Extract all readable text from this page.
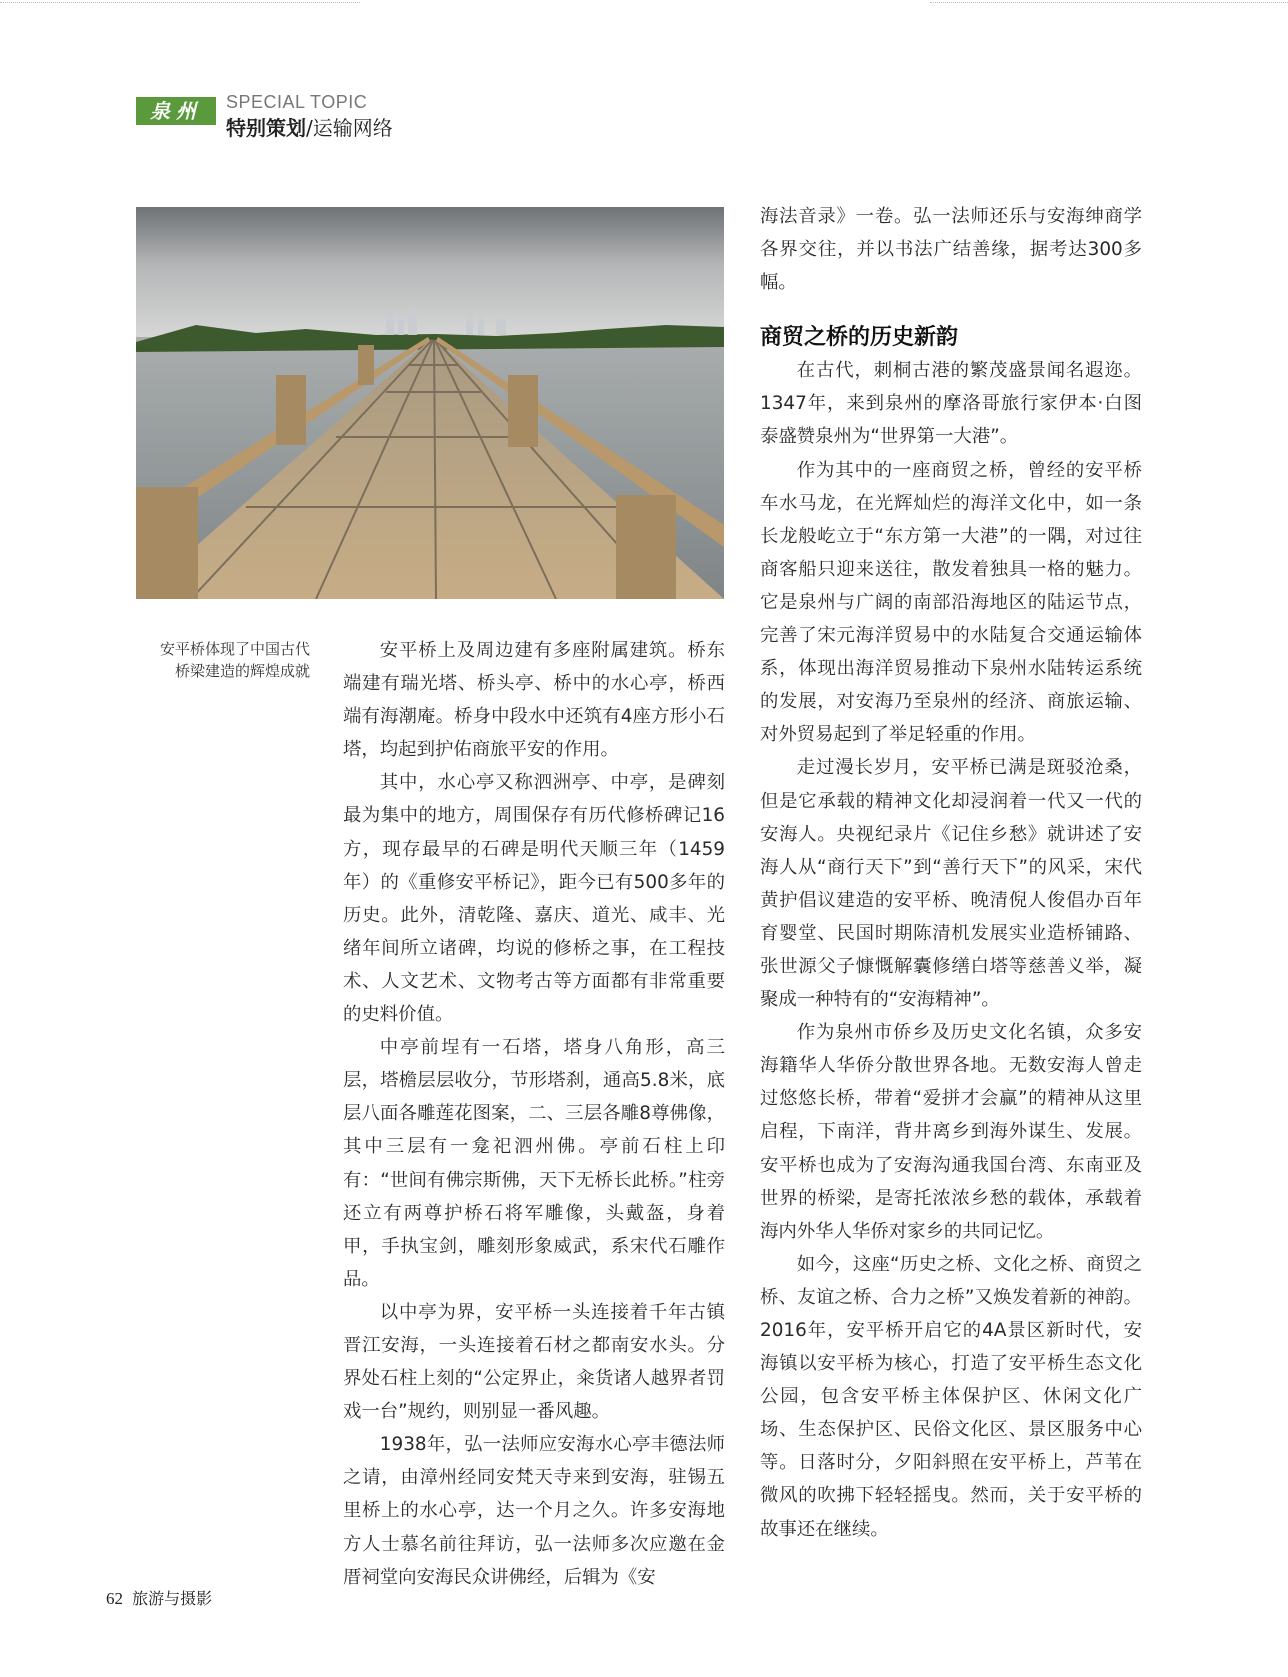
泉州	SPECIAL TOPIC
特别策划/运输网络
安平桥体现了中国古代
桥梁建造的辉煌成就

安平桥上及周边建有多座附属建筑。桥东端建有瑞光塔、桥头亭、桥中的水心亭，桥西端有海潮庵。桥身中段水中还筑有4座方形小石塔，均起到护佑商旅平安的作用。

其中，水心亭又称泗洲亭、中亭，是碑刻最为集中的地方，周围保存有历代修桥碑记16方，现存最早的石碑是明代天顺三年（1459年）的《重修安平桥记》，距今已有500多年的历史。此外，清乾隆、嘉庆、道光、咸丰、光绪年间所立诸碑，均说的修桥之事，在工程技术、人文艺术、文物考古等方面都有非常重要的史料价值。

中亭前埕有一石塔，塔身八角形，高三层，塔檐层层收分，节形塔刹，通高5.8米，底层八面各雕莲花图案，二、三层各雕8尊佛像，其中三层有一龛祀泗州佛。亭前石柱上印有：“世间有佛宗斯佛，天下无桥长此桥。”柱旁还立有两尊护桥石将军雕像，头戴盔，身着甲，手执宝剑，雕刻形象威武，系宋代石雕作品。

以中亭为界，安平桥一头连接着千年古镇晋江安海，一头连接着石材之都南安水头。分界处石柱上刻的“公定界止，籴货诸人越界者罚戏一台”规约，则别显一番风趣。

1938年，弘一法师应安海水心亭丰德法师之请，由漳州经同安梵天寺来到安海，驻锡五里桥上的水心亭，达一个月之久。许多安海地方人士慕名前往拜访，弘一法师多次应邀在金厝祠堂向安海民众讲佛经，后辑为《安

海法音录》一卷。弘一法师还乐与安海绅商学各界交往，并以书法广结善缘，据考达300多幅。

商贸之桥的历史新韵

在古代，刺桐古港的繁茂盛景闻名遐迩。1347年，来到泉州的摩洛哥旅行家伊本·白图泰盛赞泉州为“世界第一大港”。

作为其中的一座商贸之桥，曾经的安平桥车水马龙，在光辉灿烂的海洋文化中，如一条长龙般屹立于“东方第一大港”的一隅，对过往商客船只迎来送往，散发着独具一格的魅力。它是泉州与广阔的南部沿海地区的陆运节点，完善了宋元海洋贸易中的水陆复合交通运输体系，体现出海洋贸易推动下泉州水陆转运系统的发展，对安海乃至泉州的经济、商旅运输、对外贸易起到了举足轻重的作用。

走过漫长岁月，安平桥已满是斑驳沧桑，但是它承载的精神文化却浸润着一代又一代的安海人。央视纪录片《记住乡愁》就讲述了安海人从“商行天下”到“善行天下”的风采，宋代黄护倡议建造的安平桥、晚清倪人俊倡办百年育婴堂、民国时期陈清机发展实业造桥铺路、张世源父子慷慨解囊修缮白塔等慈善义举，凝聚成一种特有的“安海精神”。

作为泉州市侨乡及历史文化名镇，众多安海籍华人华侨分散世界各地。无数安海人曾走过悠悠长桥，带着“爱拼才会赢”的精神从这里启程，下南洋，背井离乡到海外谋生、发展。安平桥也成为了安海沟通我国台湾、东南亚及世界的桥梁，是寄托浓浓乡愁的载体，承载着海内外华人华侨对家乡的共同记忆。

如今，这座“历史之桥、文化之桥、商贸之桥、友谊之桥、合力之桥”又焕发着新的神韵。2016年，安平桥开启它的4A景区新时代，安海镇以安平桥为核心，打造了安平桥生态文化公园，包含安平桥主体保护区、休闲文化广场、生态保护区、民俗文化区、景区服务中心等。日落时分，夕阳斜照在安平桥上，芦苇在微风的吹拂下轻轻摇曳。然而，关于安平桥的故事还在继续。

62 旅游与摄影
